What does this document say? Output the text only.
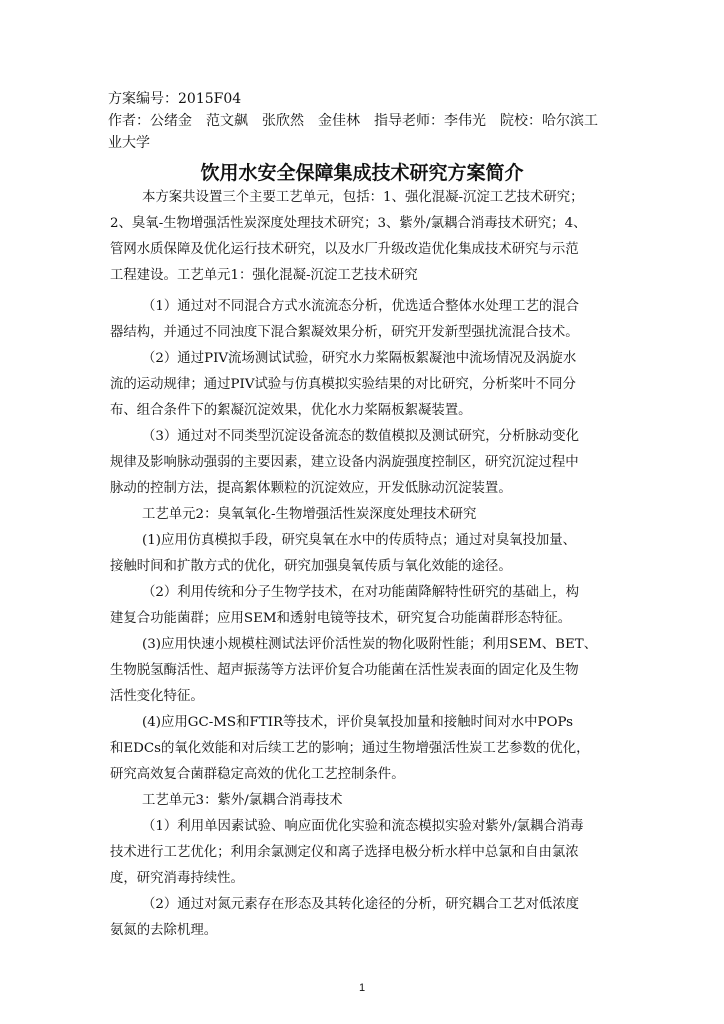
方案编号：2015F04
作者：公绪金　范文飙　张欣然　金佳林　指导老师：李伟光　院校：哈尔滨工
业大学
饮用水安全保障集成技术研究方案简介
本方案共设置三个主要工艺单元，包括：1、强化混凝-沉淀工艺技术研究；
2、臭氧-生物增强活性炭深度处理技术研究；3、紫外/氯耦合消毒技术研究；4、
管网水质保障及优化运行技术研究，以及水厂升级改造优化集成技术研究与示范
工程建设。工艺单元1：强化混凝-沉淀工艺技术研究
（1）通过对不同混合方式水流流态分析，优选适合整体水处理工艺的混合
器结构，并通过不同浊度下混合絮凝效果分析，研究开发新型强扰流混合技术。
（2）通过PIV流场测试试验，研究水力桨隔板絮凝池中流场情况及涡旋水
流的运动规律；通过PIV试验与仿真模拟实验结果的对比研究，分析桨叶不同分
布、组合条件下的絮凝沉淀效果，优化水力桨隔板絮凝装置。
（3）通过对不同类型沉淀设备流态的数值模拟及测试研究，分析脉动变化
规律及影响脉动强弱的主要因素，建立设备内涡旋强度控制区，研究沉淀过程中
脉动的控制方法，提高絮体颗粒的沉淀效应，开发低脉动沉淀装置。
工艺单元2：臭氧氧化-生物增强活性炭深度处理技术研究
(1)应用仿真模拟手段，研究臭氧在水中的传质特点；通过对臭氧投加量、
接触时间和扩散方式的优化，研究加强臭氧传质与氧化效能的途径。
（2）利用传统和分子生物学技术，在对功能菌降解特性研究的基础上，构
建复合功能菌群；应用SEM和透射电镜等技术，研究复合功能菌群形态特征。
(3)应用快速小规模柱测试法评价活性炭的物化吸附性能；利用SEM、BET、
生物脱氢酶活性、超声振荡等方法评价复合功能菌在活性炭表面的固定化及生物
活性变化特征。
(4)应用GC-MS和FTIR等技术，评价臭氧投加量和接触时间对水中POPs
和EDCs的氧化效能和对后续工艺的影响；通过生物增强活性炭工艺参数的优化，
研究高效复合菌群稳定高效的优化工艺控制条件。
工艺单元3：紫外/氯耦合消毒技术
（1）利用单因素试验、响应面优化实验和流态模拟实验对紫外/氯耦合消毒
技术进行工艺优化；利用余氯测定仪和离子选择电极分析水样中总氯和自由氯浓
度，研究消毒持续性。
（2）通过对氮元素存在形态及其转化途径的分析，研究耦合工艺对低浓度
氨氮的去除机理。
1
